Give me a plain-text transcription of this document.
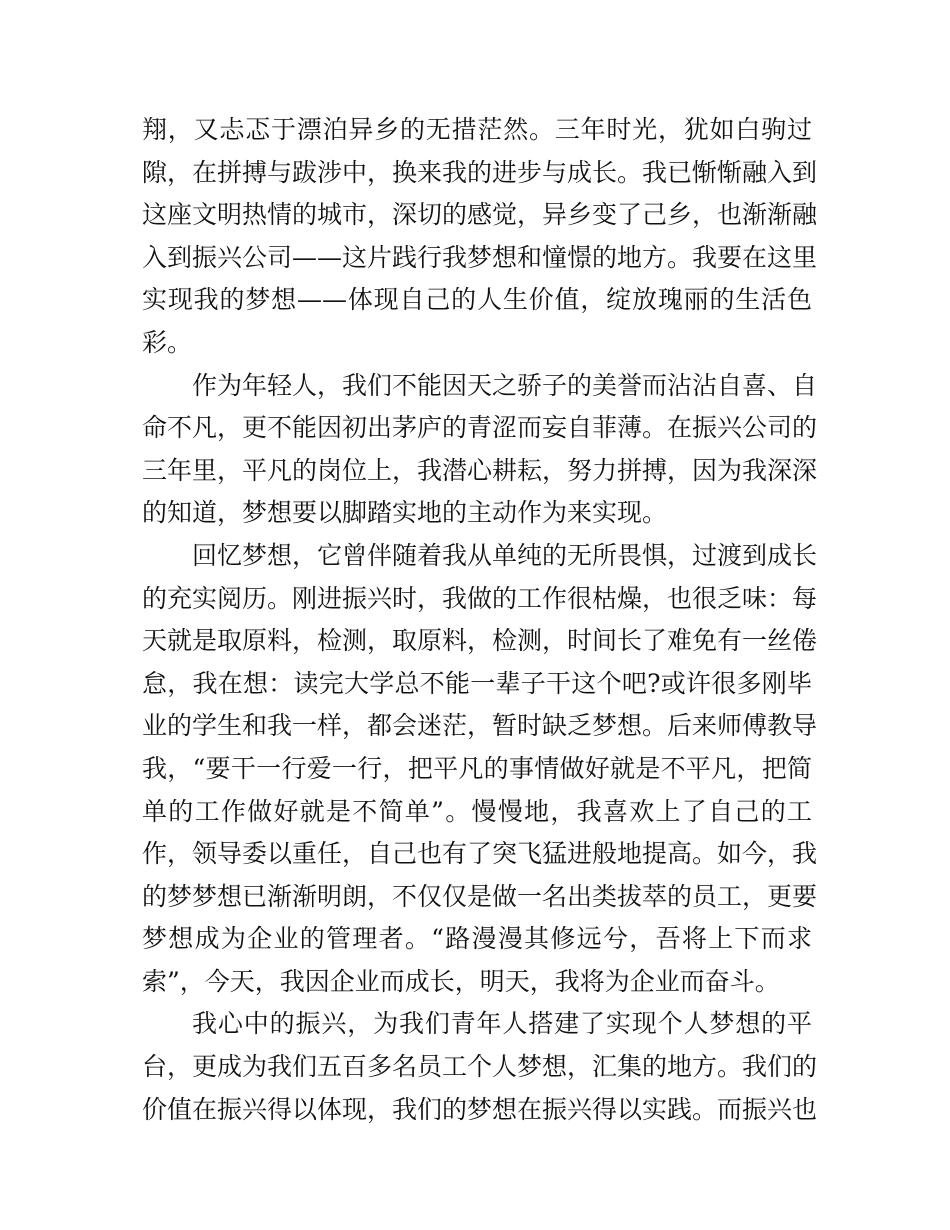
翔，又忐忑于漂泊异乡的无措茫然。三年时光，犹如白驹过
隙，在拼搏与跋涉中，换来我的进步与成长。我已惭惭融入到
这座文明热情的城市，深切的感觉，异乡变了己乡，也渐渐融
入到振兴公司——这片践行我梦想和憧憬的地方。我要在这里
实现我的梦想——体现自己的人生价值，绽放瑰丽的生活色
彩。
作为年轻人，我们不能因天之骄子的美誉而沾沾自喜、自
命不凡，更不能因初出茅庐的青涩而妄自菲薄。在振兴公司的
三年里，平凡的岗位上，我潜心耕耘，努力拼搏，因为我深深
的知道，梦想要以脚踏实地的主动作为来实现。
回忆梦想，它曾伴随着我从单纯的无所畏惧，过渡到成长
的充实阅历。刚进振兴时，我做的工作很枯燥，也很乏味：每
天就是取原料，检测，取原料，检测，时间长了难免有一丝倦
怠，我在想：读完大学总不能一辈子干这个吧?或许很多刚毕
业的学生和我一样，都会迷茫，暂时缺乏梦想。后来师傅教导
我，“要干一行爱一行，把平凡的事情做好就是不平凡，把简
单的工作做好就是不简单”。慢慢地，我喜欢上了自己的工
作，领导委以重任，自己也有了突飞猛进般地提高。如今，我
的梦梦想已渐渐明朗，不仅仅是做一名出类拔萃的员工，更要
梦想成为企业的管理者。“路漫漫其修远兮，吾将上下而求
索”，今天，我因企业而成长，明天，我将为企业而奋斗。
我心中的振兴，为我们青年人搭建了实现个人梦想的平
台，更成为我们五百多名员工个人梦想，汇集的地方。我们的
价值在振兴得以体现，我们的梦想在振兴得以实践。而振兴也
